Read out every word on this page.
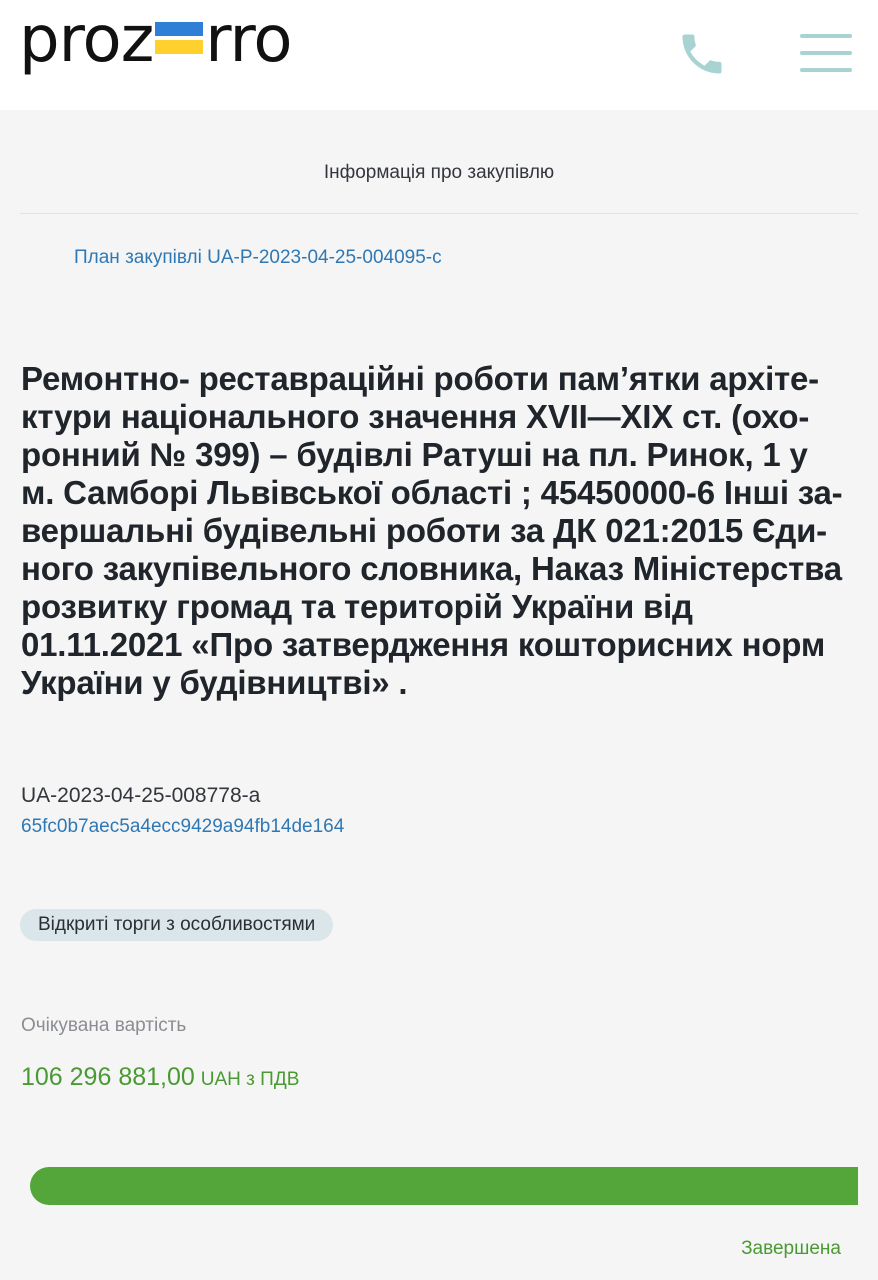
proz rro
Інформація про закупівлю
План закупівлі UA-P-2023-04-25-004095-c
Ремонтно- реставраційні роботи пам’ятки архіте-
ктури національного значення XVII—XIX ст. (охо-
ронний № 399) – будівлі Ратуші на пл. Ринок, 1 у
м. Самборі Львівської області ; 45450000-6 Інші за-
вершальні будівельні роботи за ДК 021:2015 Єди-
ного закупівельного словника, Наказ Міністерства
розвитку громад та територій України від
01.11.2021 «Про затвердження кошторисних норм
України у будівництві» .
UA-2023-04-25-008778-a
65fc0b7aec5a4ecc9429a94fb14de164
Відкриті торги з особливостями
Очікувана вартість
106 296 881,00 UAH з ПДВ
Завершена
